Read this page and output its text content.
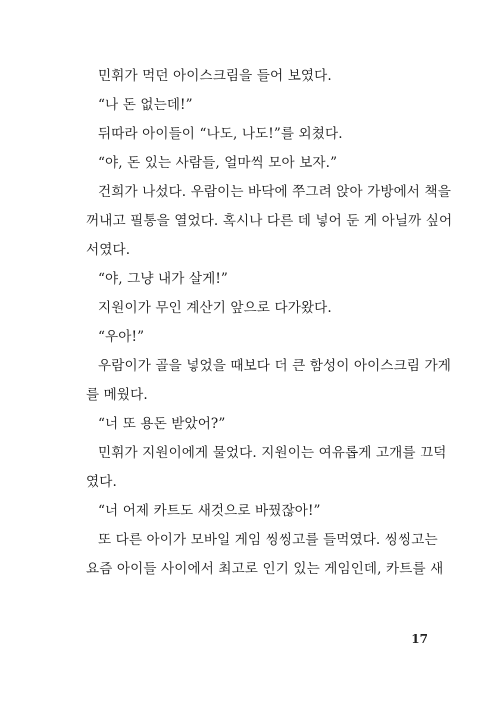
민휘가 먹던 아이스크림을 들어 보였다.
“나 돈 없는데!”
뒤따라 아이들이 “나도, 나도!”를 외쳤다.
“야, 돈 있는 사람들, 얼마씩 모아 보자.”
건희가 나섰다. 우람이는 바닥에 쭈그려 앉아 가방에서 책을
꺼내고 필통을 열었다. 혹시나 다른 데 넣어 둔 게 아닐까 싶어
서였다.
“야, 그냥 내가 살게!”
지원이가 무인 계산기 앞으로 다가왔다.
“우아!”
우람이가 골을 넣었을 때보다 더 큰 함성이 아이스크림 가게
를 메웠다.
“너 또 용돈 받았어?”
민휘가 지원이에게 물었다. 지원이는 여유롭게 고개를 끄덕
였다.
“너 어제 카트도 새것으로 바꿨잖아!”
또 다른 아이가 모바일 게임 씽씽고를 들먹였다. 씽씽고는
요즘 아이들 사이에서 최고로 인기 있는 게임인데, 카트를 새
17
